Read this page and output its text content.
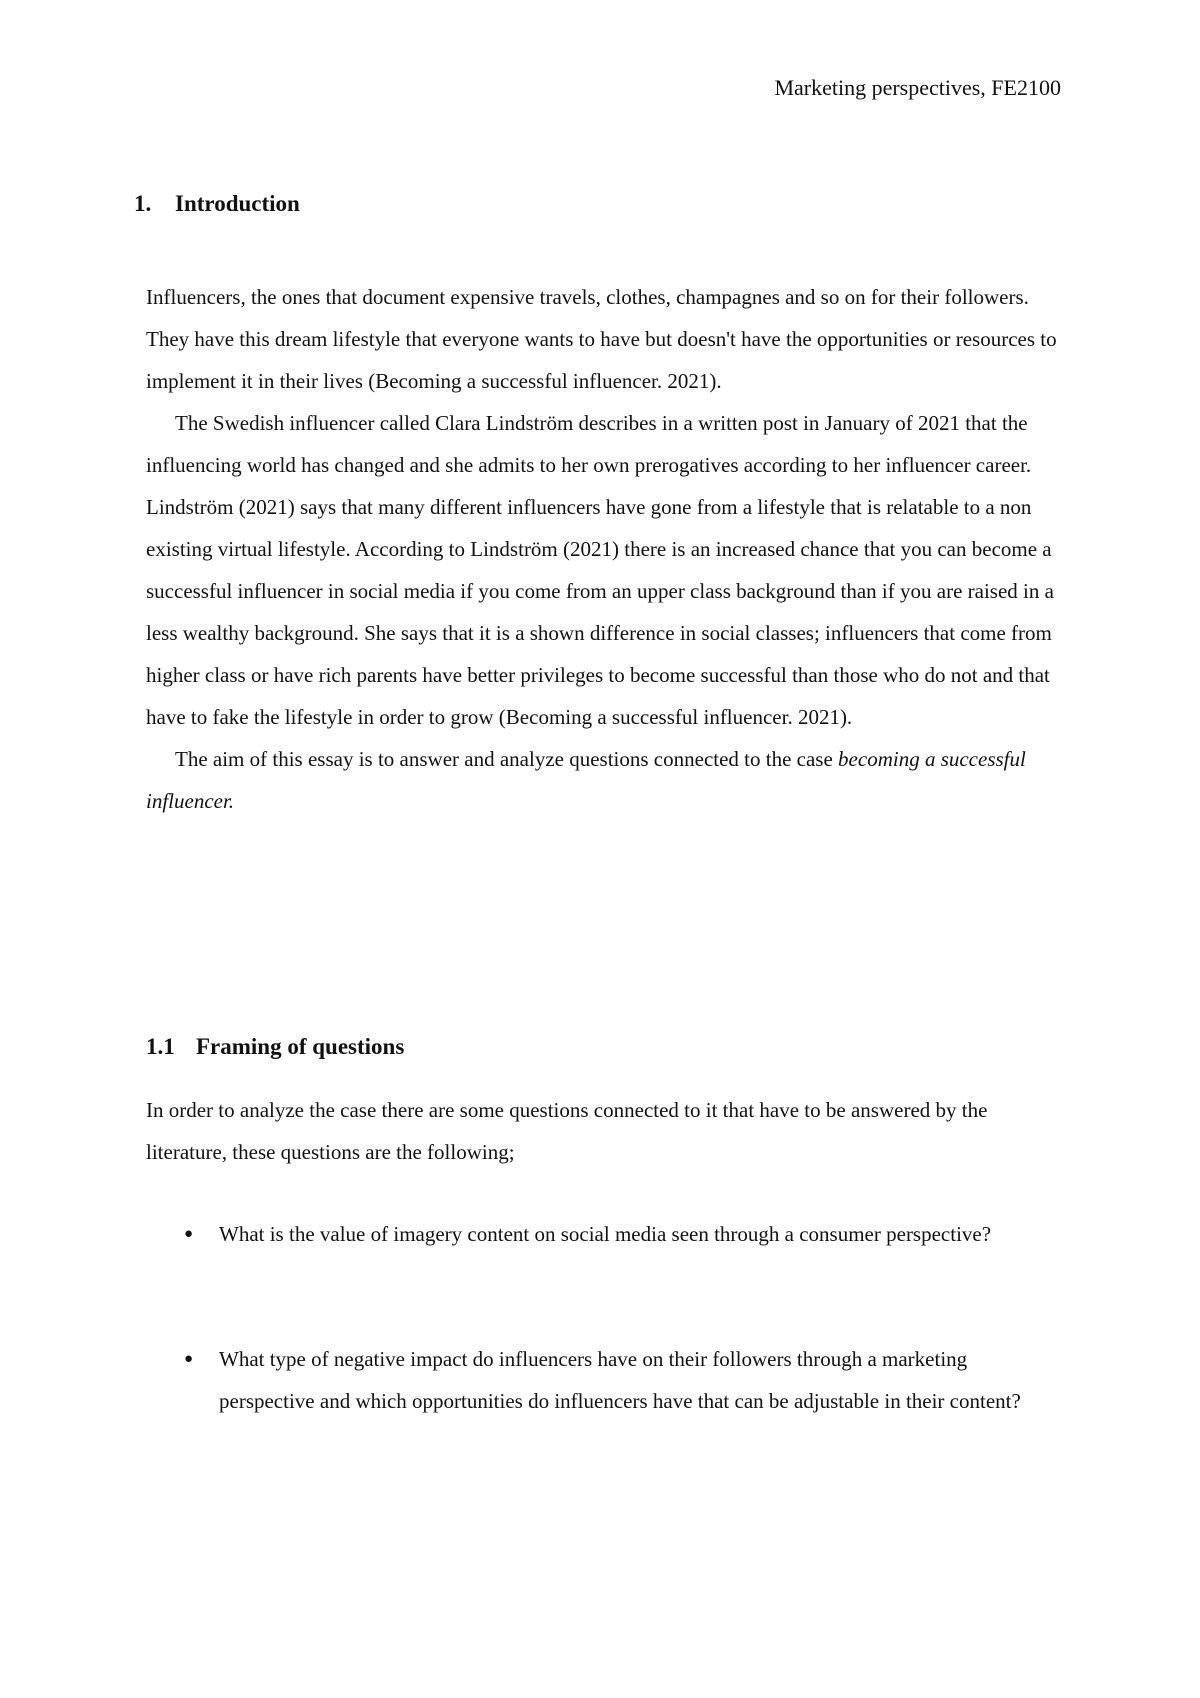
Marketing perspectives, FE2100
1. Introduction

Influencers, the ones that document expensive travels, clothes, champagnes and so on for their followers. They have this dream lifestyle that everyone wants to have but doesn't have the opportunities or resources to implement it in their lives (Becoming a successful influencer. 2021).

The Swedish influencer called Clara Lindström describes in a written post in January of 2021 that the influencing world has changed and she admits to her own prerogatives according to her influencer career. Lindström (2021) says that many different influencers have gone from a lifestyle that is relatable to a non existing virtual lifestyle. According to Lindström (2021) there is an increased chance that you can become a successful influencer in social media if you come from an upper class background than if you are raised in a less wealthy background. She says that it is a shown difference in social classes; influencers that come from higher class or have rich parents have better privileges to become successful than those who do not and that have to fake the lifestyle in order to grow (Becoming a successful influencer. 2021).

The aim of this essay is to answer and analyze questions connected to the case becoming a successful influencer.

1.1 Framing of questions

In order to analyze the case there are some questions connected to it that have to be answered by the literature, these questions are the following;

● What is the value of imagery content on social media seen through a consumer perspective?
● What type of negative impact do influencers have on their followers through a marketing perspective and which opportunities do influencers have that can be adjustable in their content?
